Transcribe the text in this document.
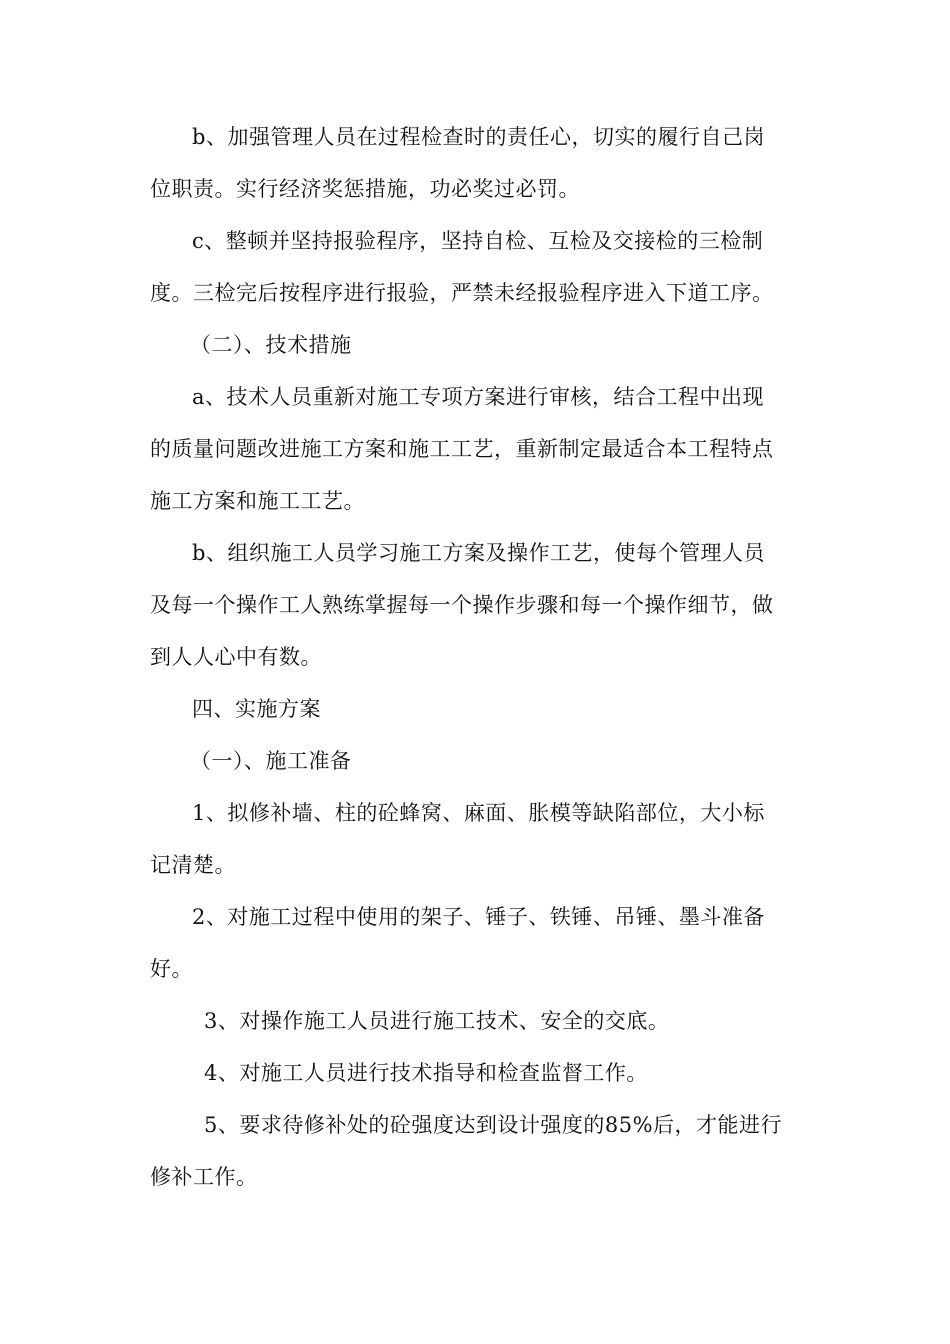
b、加强管理人员在过程检查时的责任心，切实的履行自己岗
位职责。实行经济奖惩措施，功必奖过必罚。
c、整顿并坚持报验程序，坚持自检、互检及交接检的三检制
度。三检完后按程序进行报验，严禁未经报验程序进入下道工序。
（二）、技术措施
a、技术人员重新对施工专项方案进行审核，结合工程中出现
的质量问题改进施工方案和施工工艺，重新制定最适合本工程特点
施工方案和施工工艺。
b、组织施工人员学习施工方案及操作工艺，使每个管理人员
及每一个操作工人熟练掌握每一个操作步骤和每一个操作细节，做
到人人心中有数。
四、实施方案
（一）、施工准备
1、拟修补墙、柱的砼蜂窝、麻面、胀模等缺陷部位，大小标
记清楚。
2、对施工过程中使用的架子、锤子、铁锤、吊锤、墨斗准备
好。
3、对操作施工人员进行施工技术、安全的交底。
4、对施工人员进行技术指导和检查监督工作。
5、要求待修补处的砼强度达到设计强度的85%后，才能进行
修补工作。
